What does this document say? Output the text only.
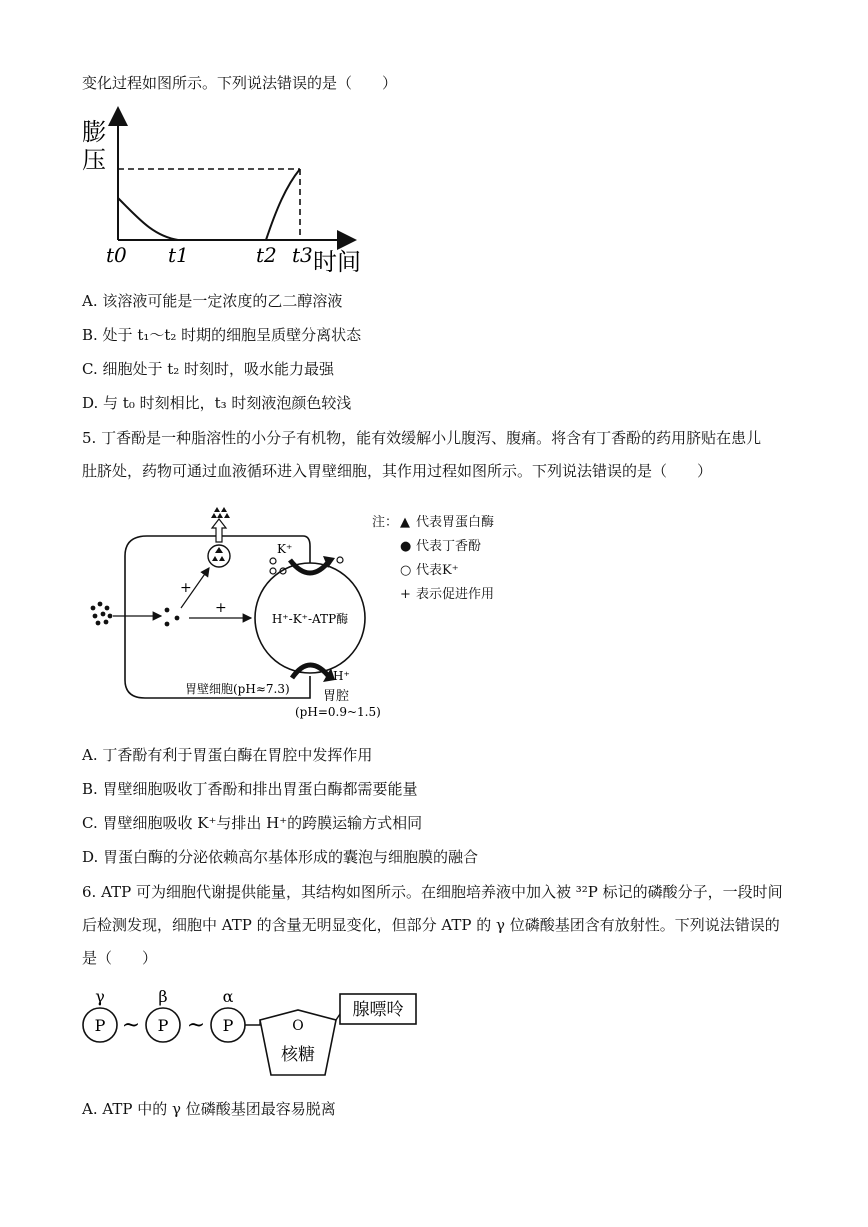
变化过程如图所示。下列说法错误的是（　　）
膨
压
时间
t0 t1	t2 t3
A. 该溶液可能是一定浓度的乙二醇溶液
B. 处于 t₁～t₂ 时期的细胞呈质壁分离状态
C. 细胞处于 t₂ 时刻时，吸水能力最强
D. 与 t₀ 时刻相比，t₃ 时刻液泡颜色较浅
5. 丁香酚是一种脂溶性的小分子有机物，能有效缓解小儿腹泻、腹痛。将含有丁香酚的药用脐贴在患儿
肚脐处，药物可通过血液循环进入胃壁细胞，其作用过程如图所示。下列说法错误的是（　　）
H⁺-K⁺-ATP酶
K⁺
H⁺
+
+
胃壁细胞(pH≈7.3)	胃腔
(pH=0.9~1.5)
注： ▲ 代表胃蛋白酶
● 代表丁香酚
○ 代表K⁺
+ 表示促进作用
A. 丁香酚有利于胃蛋白酶在胃腔中发挥作用
B. 胃壁细胞吸收丁香酚和排出胃蛋白酶都需要能量
C. 胃壁细胞吸收 K⁺与排出 H⁺的跨膜运输方式相同
D. 胃蛋白酶的分泌依赖高尔基体形成的囊泡与细胞膜的融合
6. ATP 可为细胞代谢提供能量，其结构如图所示。在细胞培养液中加入被 ³²P 标记的磷酸分子，一段时间
后检测发现，细胞中 ATP 的含量无明显变化，但部分 ATP 的 γ 位磷酸基团含有放射性。下列说法错误的
是（　　）
γ	β	α
P	P	P
~ ~	O
核糖
腺嘌呤
A. ATP 中的 γ 位磷酸基团最容易脱离
